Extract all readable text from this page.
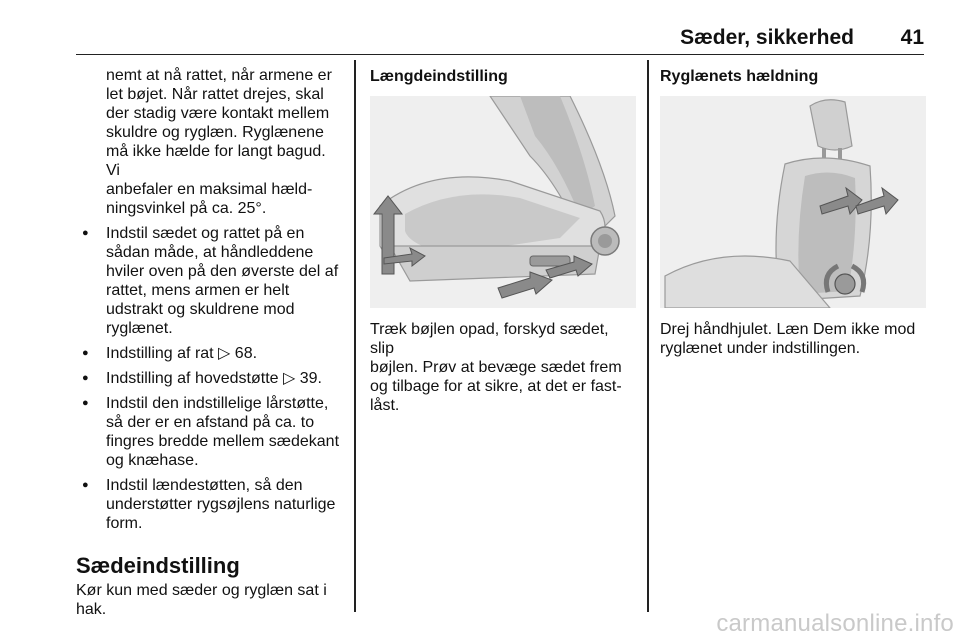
Sæder, sikkerhed 41
nemt at nå rattet, når armene er
let bøjet. Når rattet drejes, skal
der stadig være kontakt mellem
skuldre og ryglæn. Ryglænene
må ikke hælde for langt bagud. Vi
anbefaler en maksimal hæld-
ningsvinkel på ca. 25°.
● Indstil sædet og rattet på en
sådan måde, at håndleddene
hviler oven på den øverste del af
rattet, mens armen er helt
udstrakt og skuldrene mod
ryglænet.
● Indstilling af rat ▷ 68.
● Indstilling af hovedstøtte ▷ 39.
● Indstil den indstillelige lårstøtte,
så der er en afstand på ca. to
fingres bredde mellem sædekant
og knæhase.
● Indstil lændestøtten, så den
understøtter rygsøjlens naturlige
form.
Sædeindstilling
Kør kun med sæder og ryglæn sat i
hak.
Længdeindstilling
Træk bøjlen opad, forskyd sædet, slip
bøjlen. Prøv at bevæge sædet frem
og tilbage for at sikre, at det er fast-
låst.
Ryglænets hældning
Drej håndhjulet. Læn Dem ikke mod
ryglænet under indstillingen.
carmanualsonline.info
